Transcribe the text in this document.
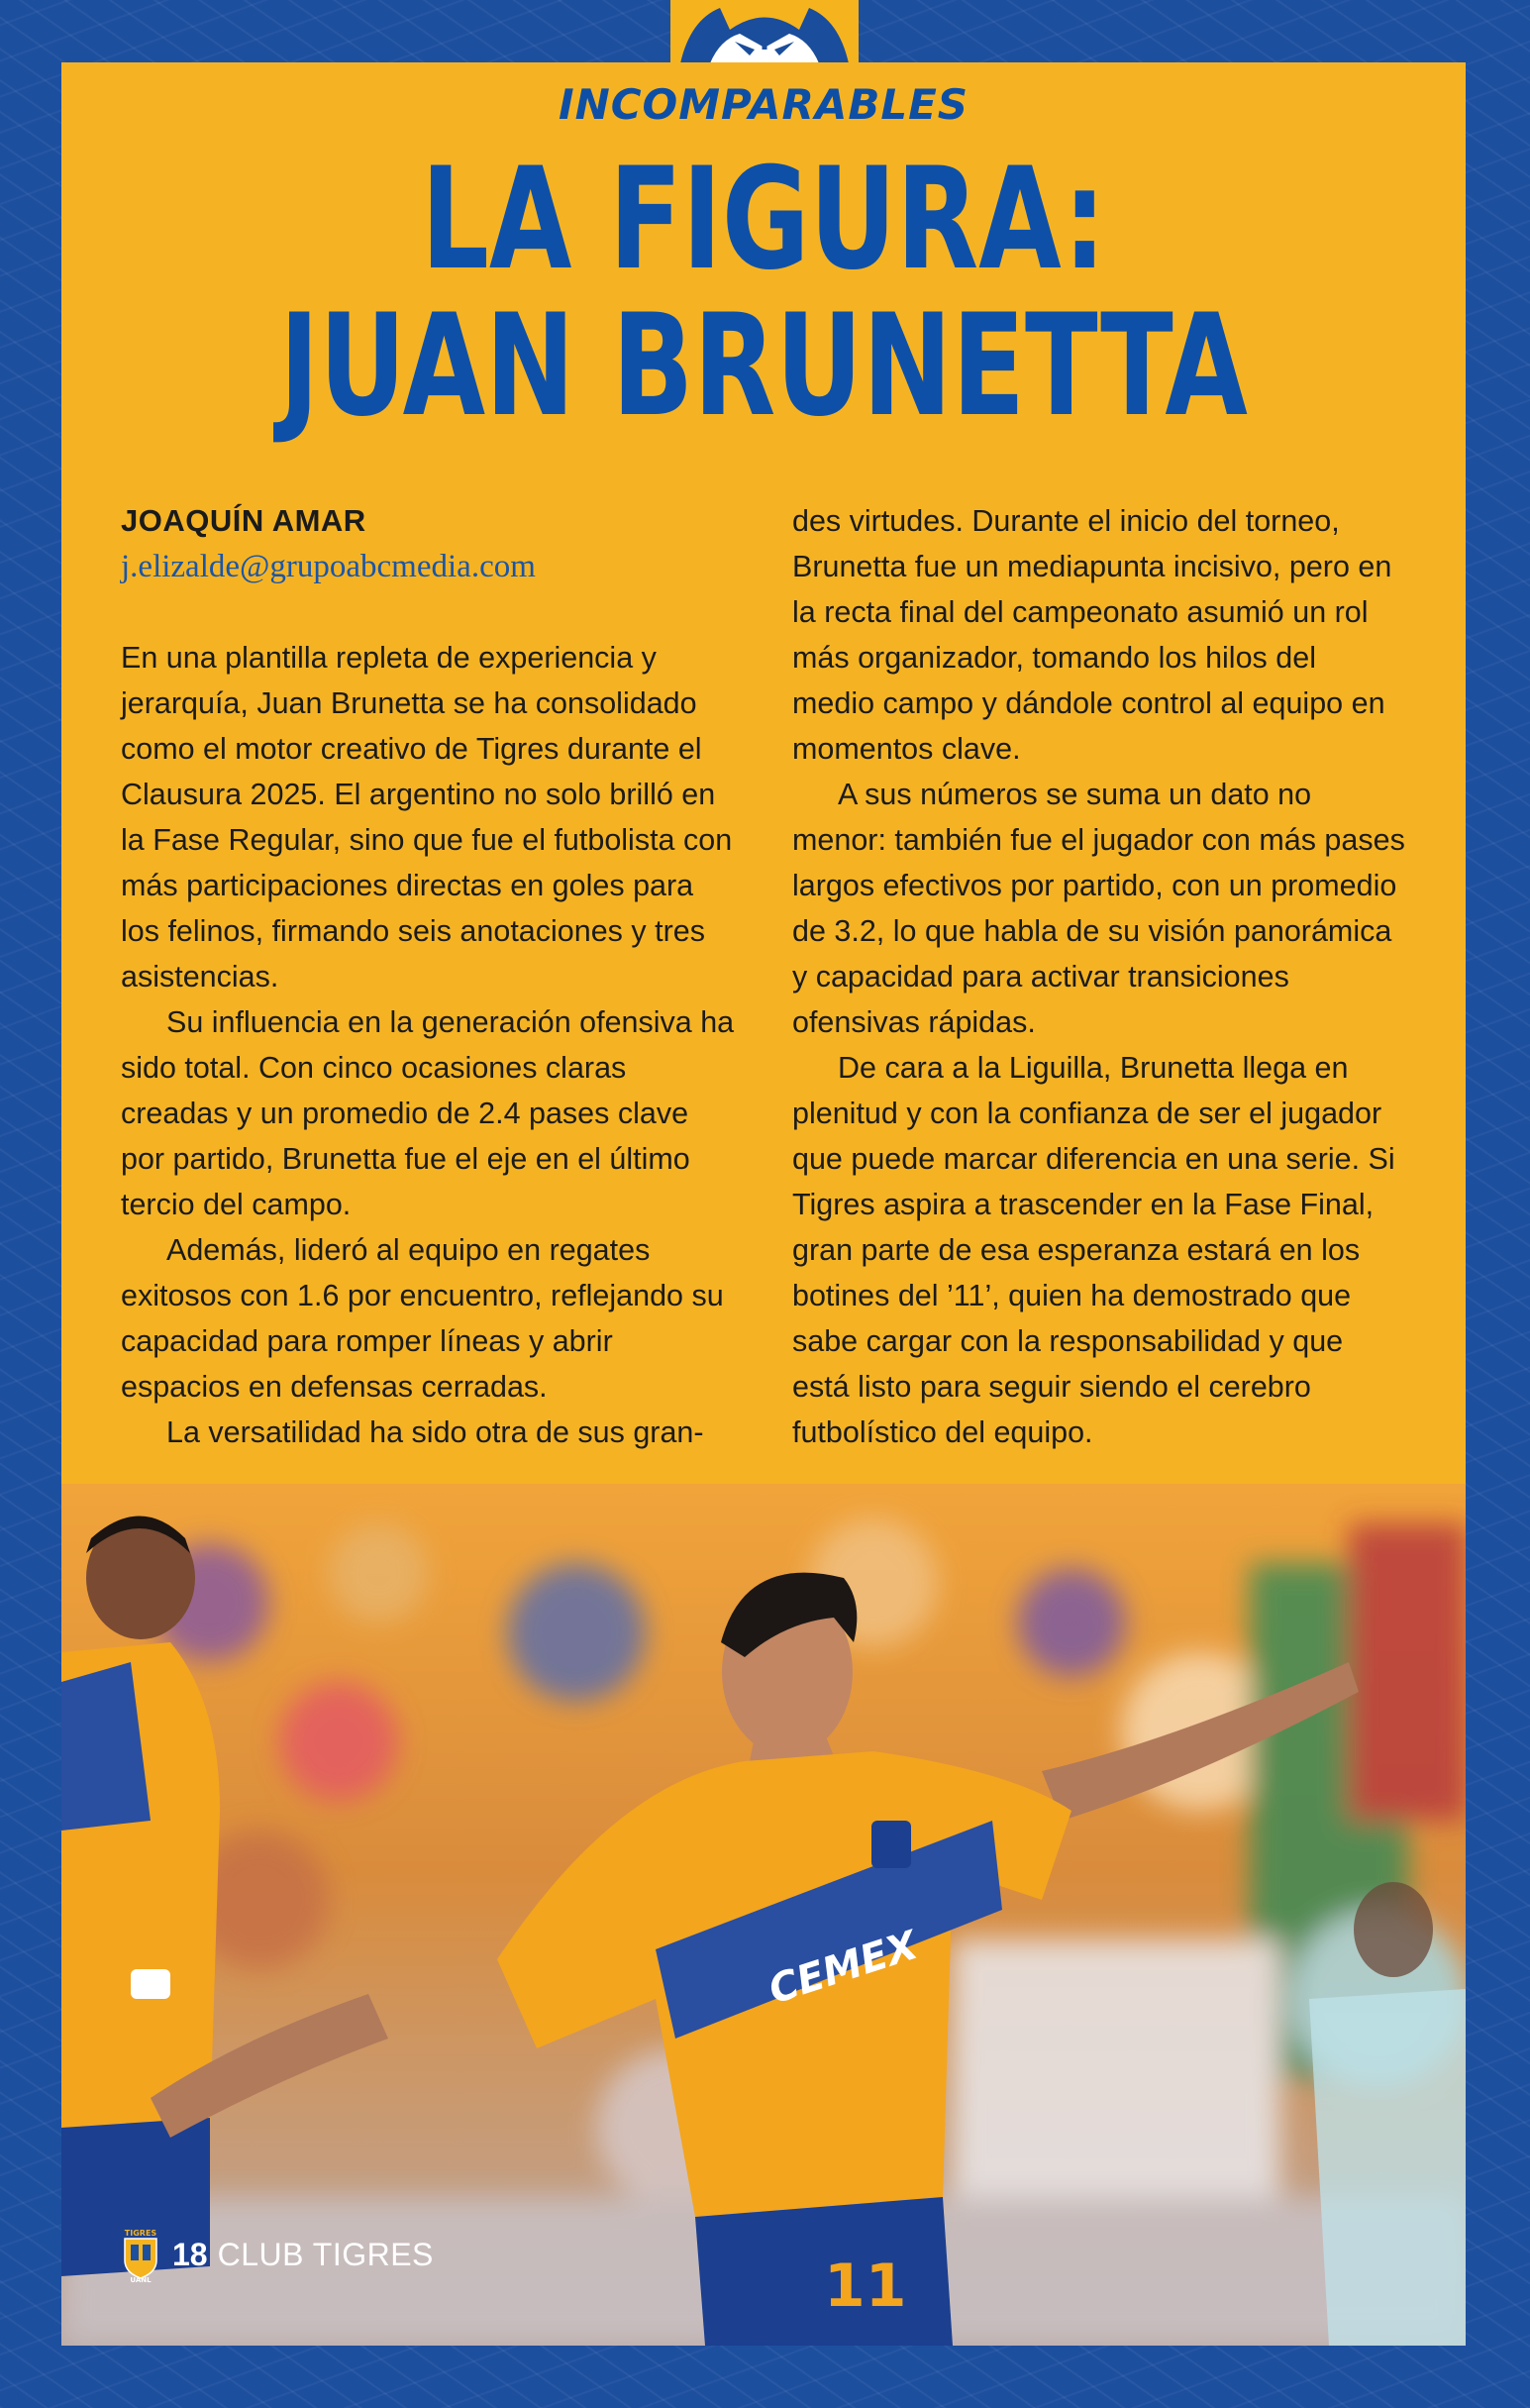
INCOMPARABLES
LA FIGURA:
JUAN BRUNETTA
JOAQUÍN AMAR
j.elizalde@grupoabcmedia.com

En una plantilla repleta de experiencia y jerarquía, Juan Brunetta se ha consolidado como el motor creativo de Tigres durante el Clausura 2025. El argentino no solo brilló en la Fase Regular, sino que fue el futbolista con más participaciones directas en goles para los felinos, firmando seis anotaciones y tres asistencias.

Su influencia en la generación ofensiva ha sido total. Con cinco ocasiones claras creadas y un promedio de 2.4 pases clave por partido, Brunetta fue el eje en el último tercio del campo.

Además, lideró al equipo en regates exitosos con 1.6 por encuentro, reflejando su capacidad para romper líneas y abrir espacios en defensas cerradas.

La versatilidad ha sido otra de sus gran-

des virtudes. Durante el inicio del torneo, Brunetta fue un mediapunta incisivo, pero en la recta final del campeonato asumió un rol más organizador, tomando los hilos del medio campo y dándole control al equipo en momentos clave.

A sus números se suma un dato no menor: también fue el jugador con más pases largos efectivos por partido, con un promedio de 3.2, lo que habla de su visión panorámica y capacidad para activar transiciones ofensivas rápidas.

De cara a la Liguilla, Brunetta llega en plenitud y con la confianza de ser el jugador que puede marcar diferencia en una serie. Si Tigres aspira a trascender en la Fase Final, gran parte de esa esperanza estará en los botines del ’11’, quien ha demostrado que sabe cargar con la responsabilidad y que está listo para seguir siendo el cerebro futbolístico del equipo.

CEMEX
11
TIGRES
UANL
18 CLUB TIGRES
